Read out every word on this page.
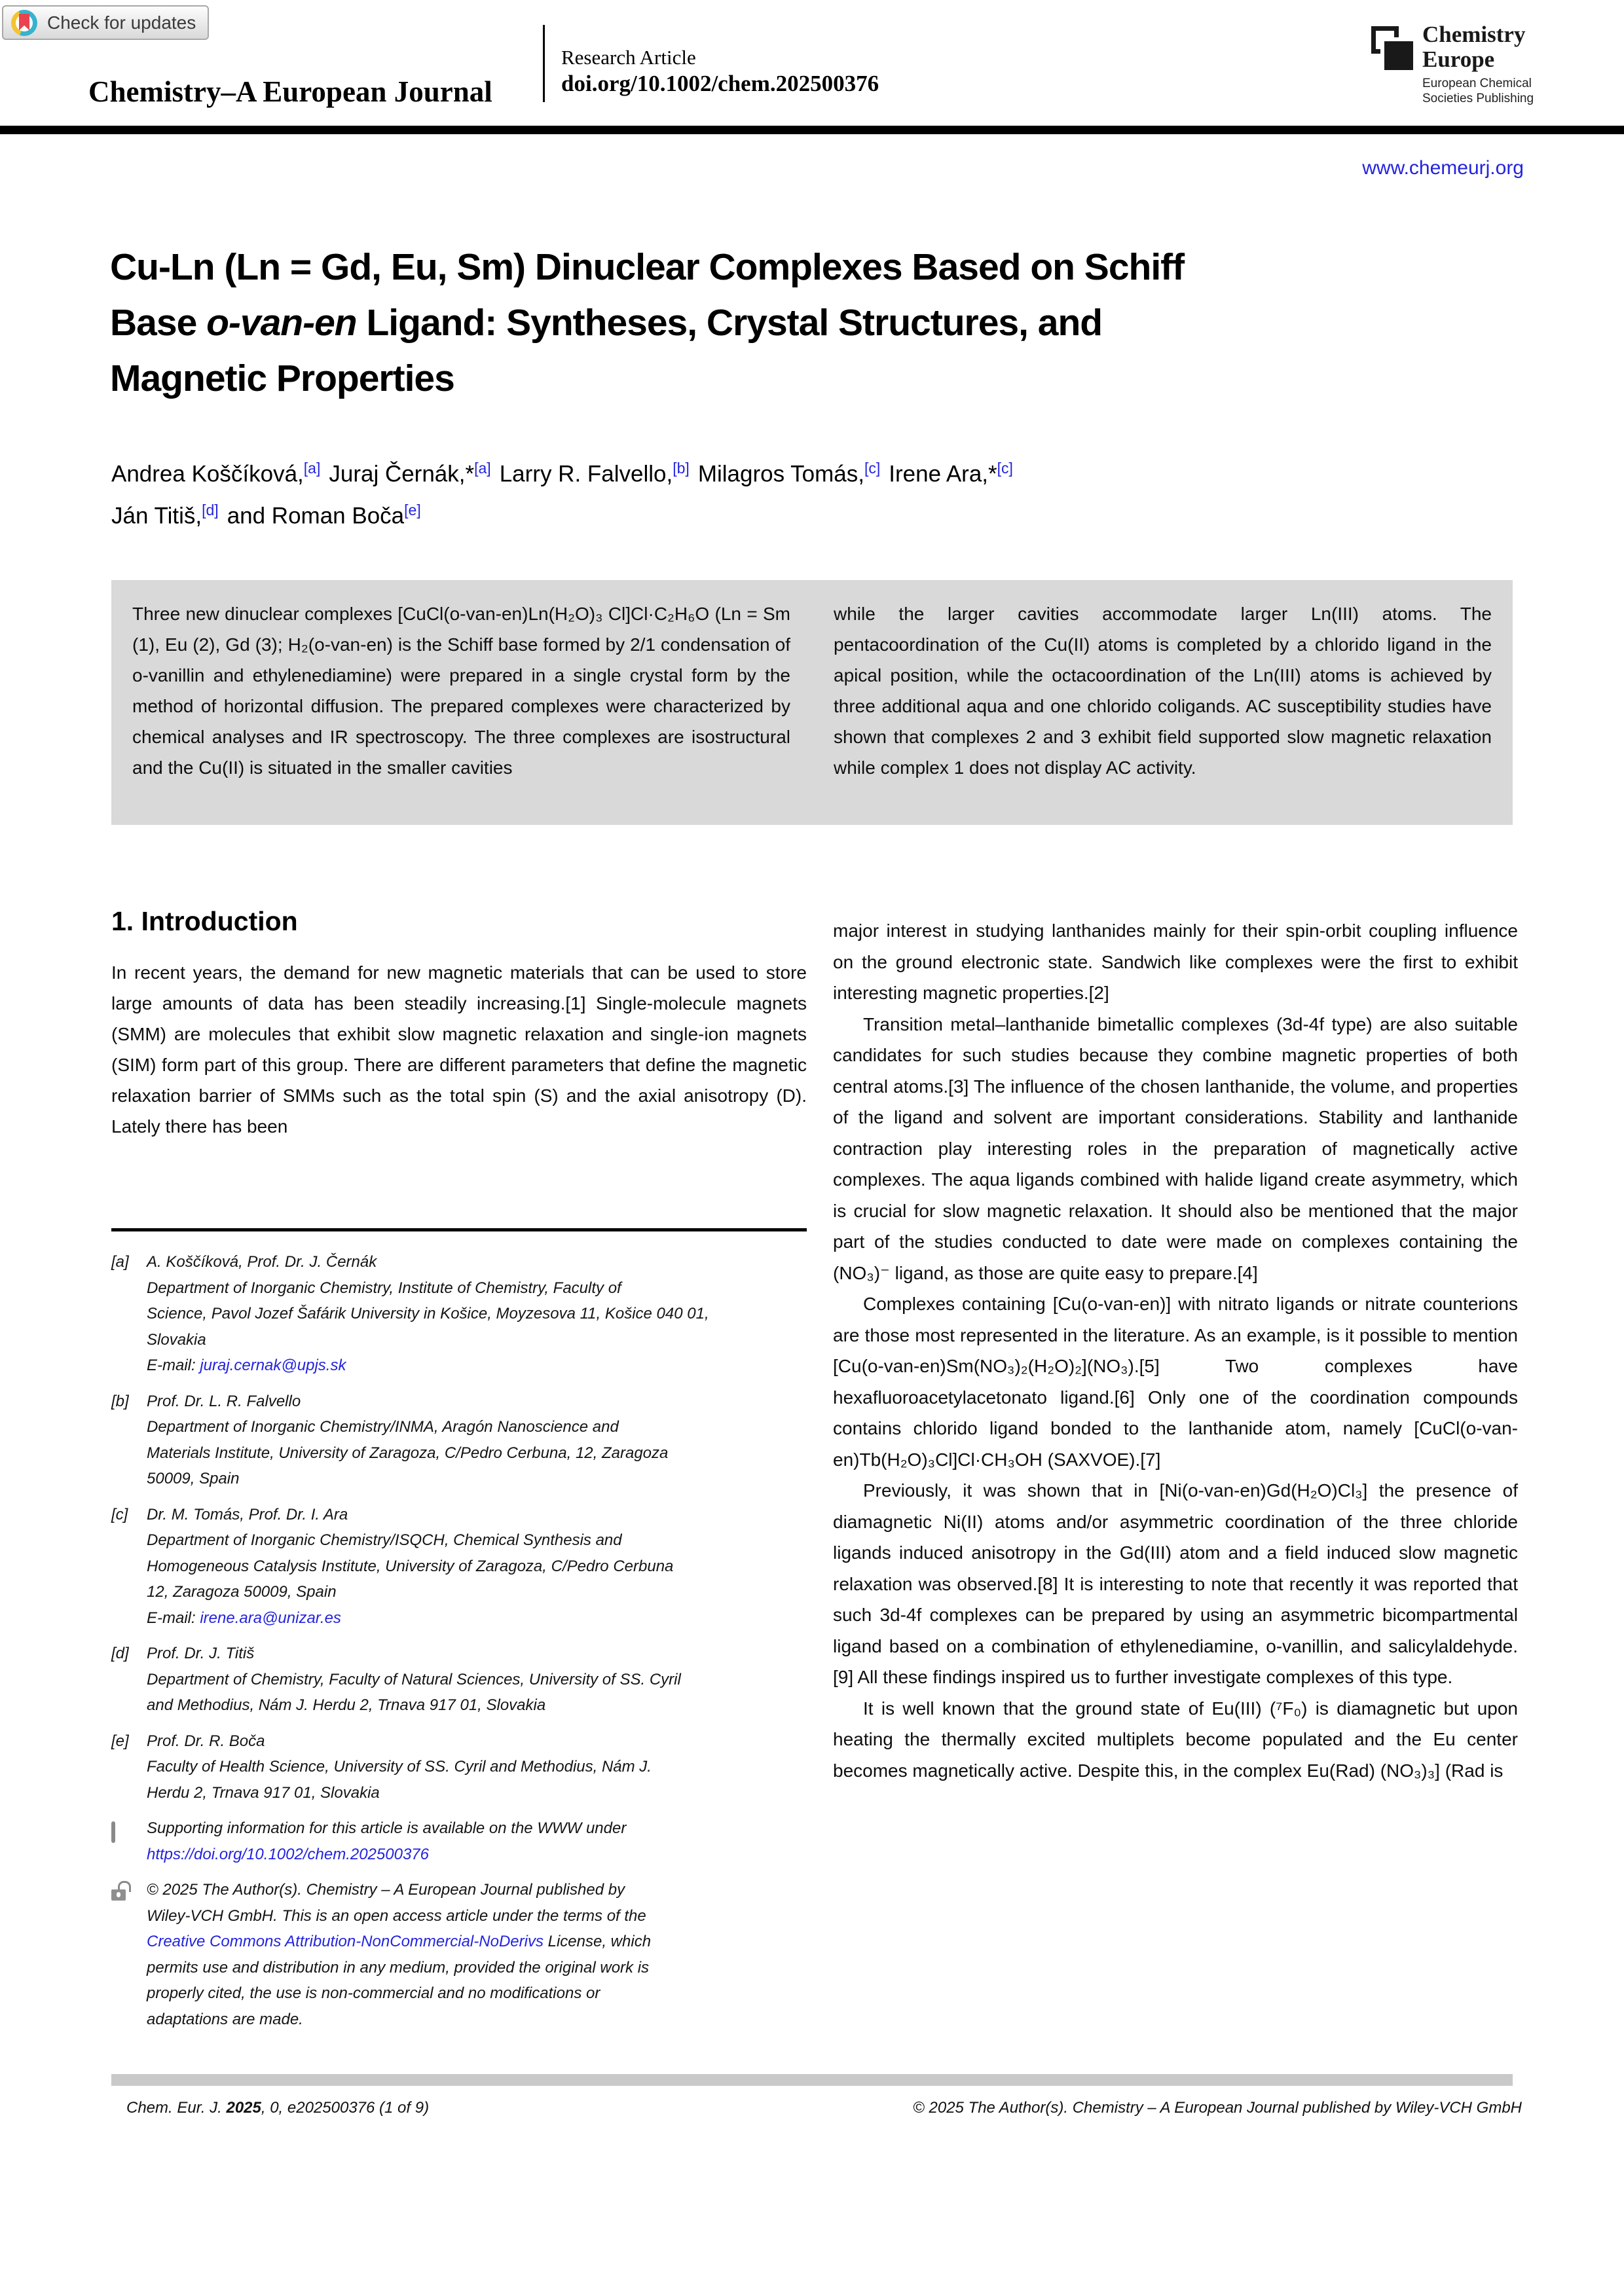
Check for updates
Chemistry–A European Journal
Research Article
doi.org/10.1002/chem.202500376
Chemistry
Europe
European Chemical
Societies Publishing
www.chemeurj.org
Cu-Ln (Ln = Gd, Eu, Sm) Dinuclear Complexes Based on Schiff
Base o-van-en Ligand: Syntheses, Crystal Structures, and
Magnetic Properties
Andrea Koščíková,[a] Juraj Černák,*[a] Larry R. Falvello,[b] Milagros Tomás,[c] Irene Ara,*[c]
Ján Titiš,[d] and Roman Boča[e]

Three new dinuclear complexes [CuCl(o-van-en)Ln(H₂O)₃ Cl]Cl·C₂H₆O (Ln = Sm (1), Eu (2), Gd (3); H₂(o-van-en) is the Schiff base formed by 2/1 condensation of o-vanillin and ethylenediamine) were prepared in a single crystal form by the method of horizontal diffusion. The prepared complexes were characterized by chemical analyses and IR spectroscopy. The three complexes are isostructural and the Cu(II) is situated in the smaller cavities

while the larger cavities accommodate larger Ln(III) atoms. The pentacoordination of the Cu(II) atoms is completed by a chlorido ligand in the apical position, while the octacoordination of the Ln(III) atoms is achieved by three additional aqua and one chlorido coligands. AC susceptibility studies have shown that complexes 2 and 3 exhibit field supported slow magnetic relaxation while complex 1 does not display AC activity.

1. Introduction
In recent years, the demand for new magnetic materials that can be used to store large amounts of data has been steadily increasing.[1] Single-molecule magnets (SMM) are molecules that exhibit slow magnetic relaxation and single-ion magnets (SIM) form part of this group. There are different parameters that define the magnetic relaxation barrier of SMMs such as the total spin (S) and the axial anisotropy (D). Lately there has been
[a]	A. Koščíková, Prof. Dr. J. Černák
Department of Inorganic Chemistry, Institute of Chemistry, Faculty of
Science, Pavol Jozef Šafárik University in Košice, Moyzesova 11, Košice 040 01,
Slovakia
E-mail: juraj.cernak@upjs.sk
[b]	Prof. Dr. L. R. Falvello
Department of Inorganic Chemistry/INMA, Aragón Nanoscience and
Materials Institute, University of Zaragoza, C/Pedro Cerbuna, 12, Zaragoza
50009, Spain
[c]	Dr. M. Tomás, Prof. Dr. I. Ara
Department of Inorganic Chemistry/ISQCH, Chemical Synthesis and
Homogeneous Catalysis Institute, University of Zaragoza, C/Pedro Cerbuna
12, Zaragoza 50009, Spain
E-mail: irene.ara@unizar.es
[d]	Prof. Dr. J. Titiš
Department of Chemistry, Faculty of Natural Sciences, University of SS. Cyril
and Methodius, Nám J. Herdu 2, Trnava 917 01, Slovakia
[e]	Prof. Dr. R. Boča
Faculty of Health Science, University of SS. Cyril and Methodius, Nám J.
Herdu 2, Trnava 917 01, Slovakia
Supporting information for this article is available on the WWW under
https://doi.org/10.1002/chem.202500376
© 2025 The Author(s). Chemistry – A European Journal published by
Wiley-VCH GmbH. This is an open access article under the terms of the
Creative Commons Attribution-NonCommercial-NoDerivs License, which
permits use and distribution in any medium, provided the original work is
properly cited, the use is non-commercial and no modifications or
adaptations are made.

major interest in studying lanthanides mainly for their spin-orbit coupling influence on the ground electronic state. Sandwich like complexes were the first to exhibit interesting magnetic properties.[2]

Transition metal–lanthanide bimetallic complexes (3d-4f type) are also suitable candidates for such studies because they combine magnetic properties of both central atoms.[3] The influence of the chosen lanthanide, the volume, and properties of the ligand and solvent are important considerations. Stability and lanthanide contraction play interesting roles in the preparation of magnetically active complexes. The aqua ligands combined with halide ligand create asymmetry, which is crucial for slow magnetic relaxation. It should also be mentioned that the major part of the studies conducted to date were made on complexes containing the (NO₃)⁻ ligand, as those are quite easy to prepare.[4]

Complexes containing [Cu(o-van-en)] with nitrato ligands or nitrate counterions are those most represented in the literature. As an example, is it possible to mention [Cu(o-van-en)Sm(NO₃)₂(H₂O)₂](NO₃).[5] Two complexes have hexafluoroacetylacetonato ligand.[6] Only one of the coordination compounds contains chlorido ligand bonded to the lanthanide atom, namely [CuCl(o-van-en)Tb(H₂O)₃Cl]Cl·CH₃OH (SAXVOE).[7]

Previously, it was shown that in [Ni(o-van-en)Gd(H₂O)Cl₃] the presence of diamagnetic Ni(II) atoms and/or asymmetric coordination of the three chloride ligands induced anisotropy in the Gd(III) atom and a field induced slow magnetic relaxation was observed.[8] It is interesting to note that recently it was reported that such 3d-4f complexes can be prepared by using an asymmetric bicompartmental ligand based on a combination of ethylenediamine, o-vanillin, and salicylaldehyde.[9] All these findings inspired us to further investigate complexes of this type.

It is well known that the ground state of Eu(III) (⁷F₀) is diamagnetic but upon heating the thermally excited multiplets become populated and the Eu center becomes magnetically active. Despite this, in the complex Eu(Rad) (NO₃)₃] (Rad is

Chem. Eur. J. 2025, 0, e202500376 (1 of 9)	© 2025 The Author(s). Chemistry – A European Journal published by Wiley-VCH GmbH
